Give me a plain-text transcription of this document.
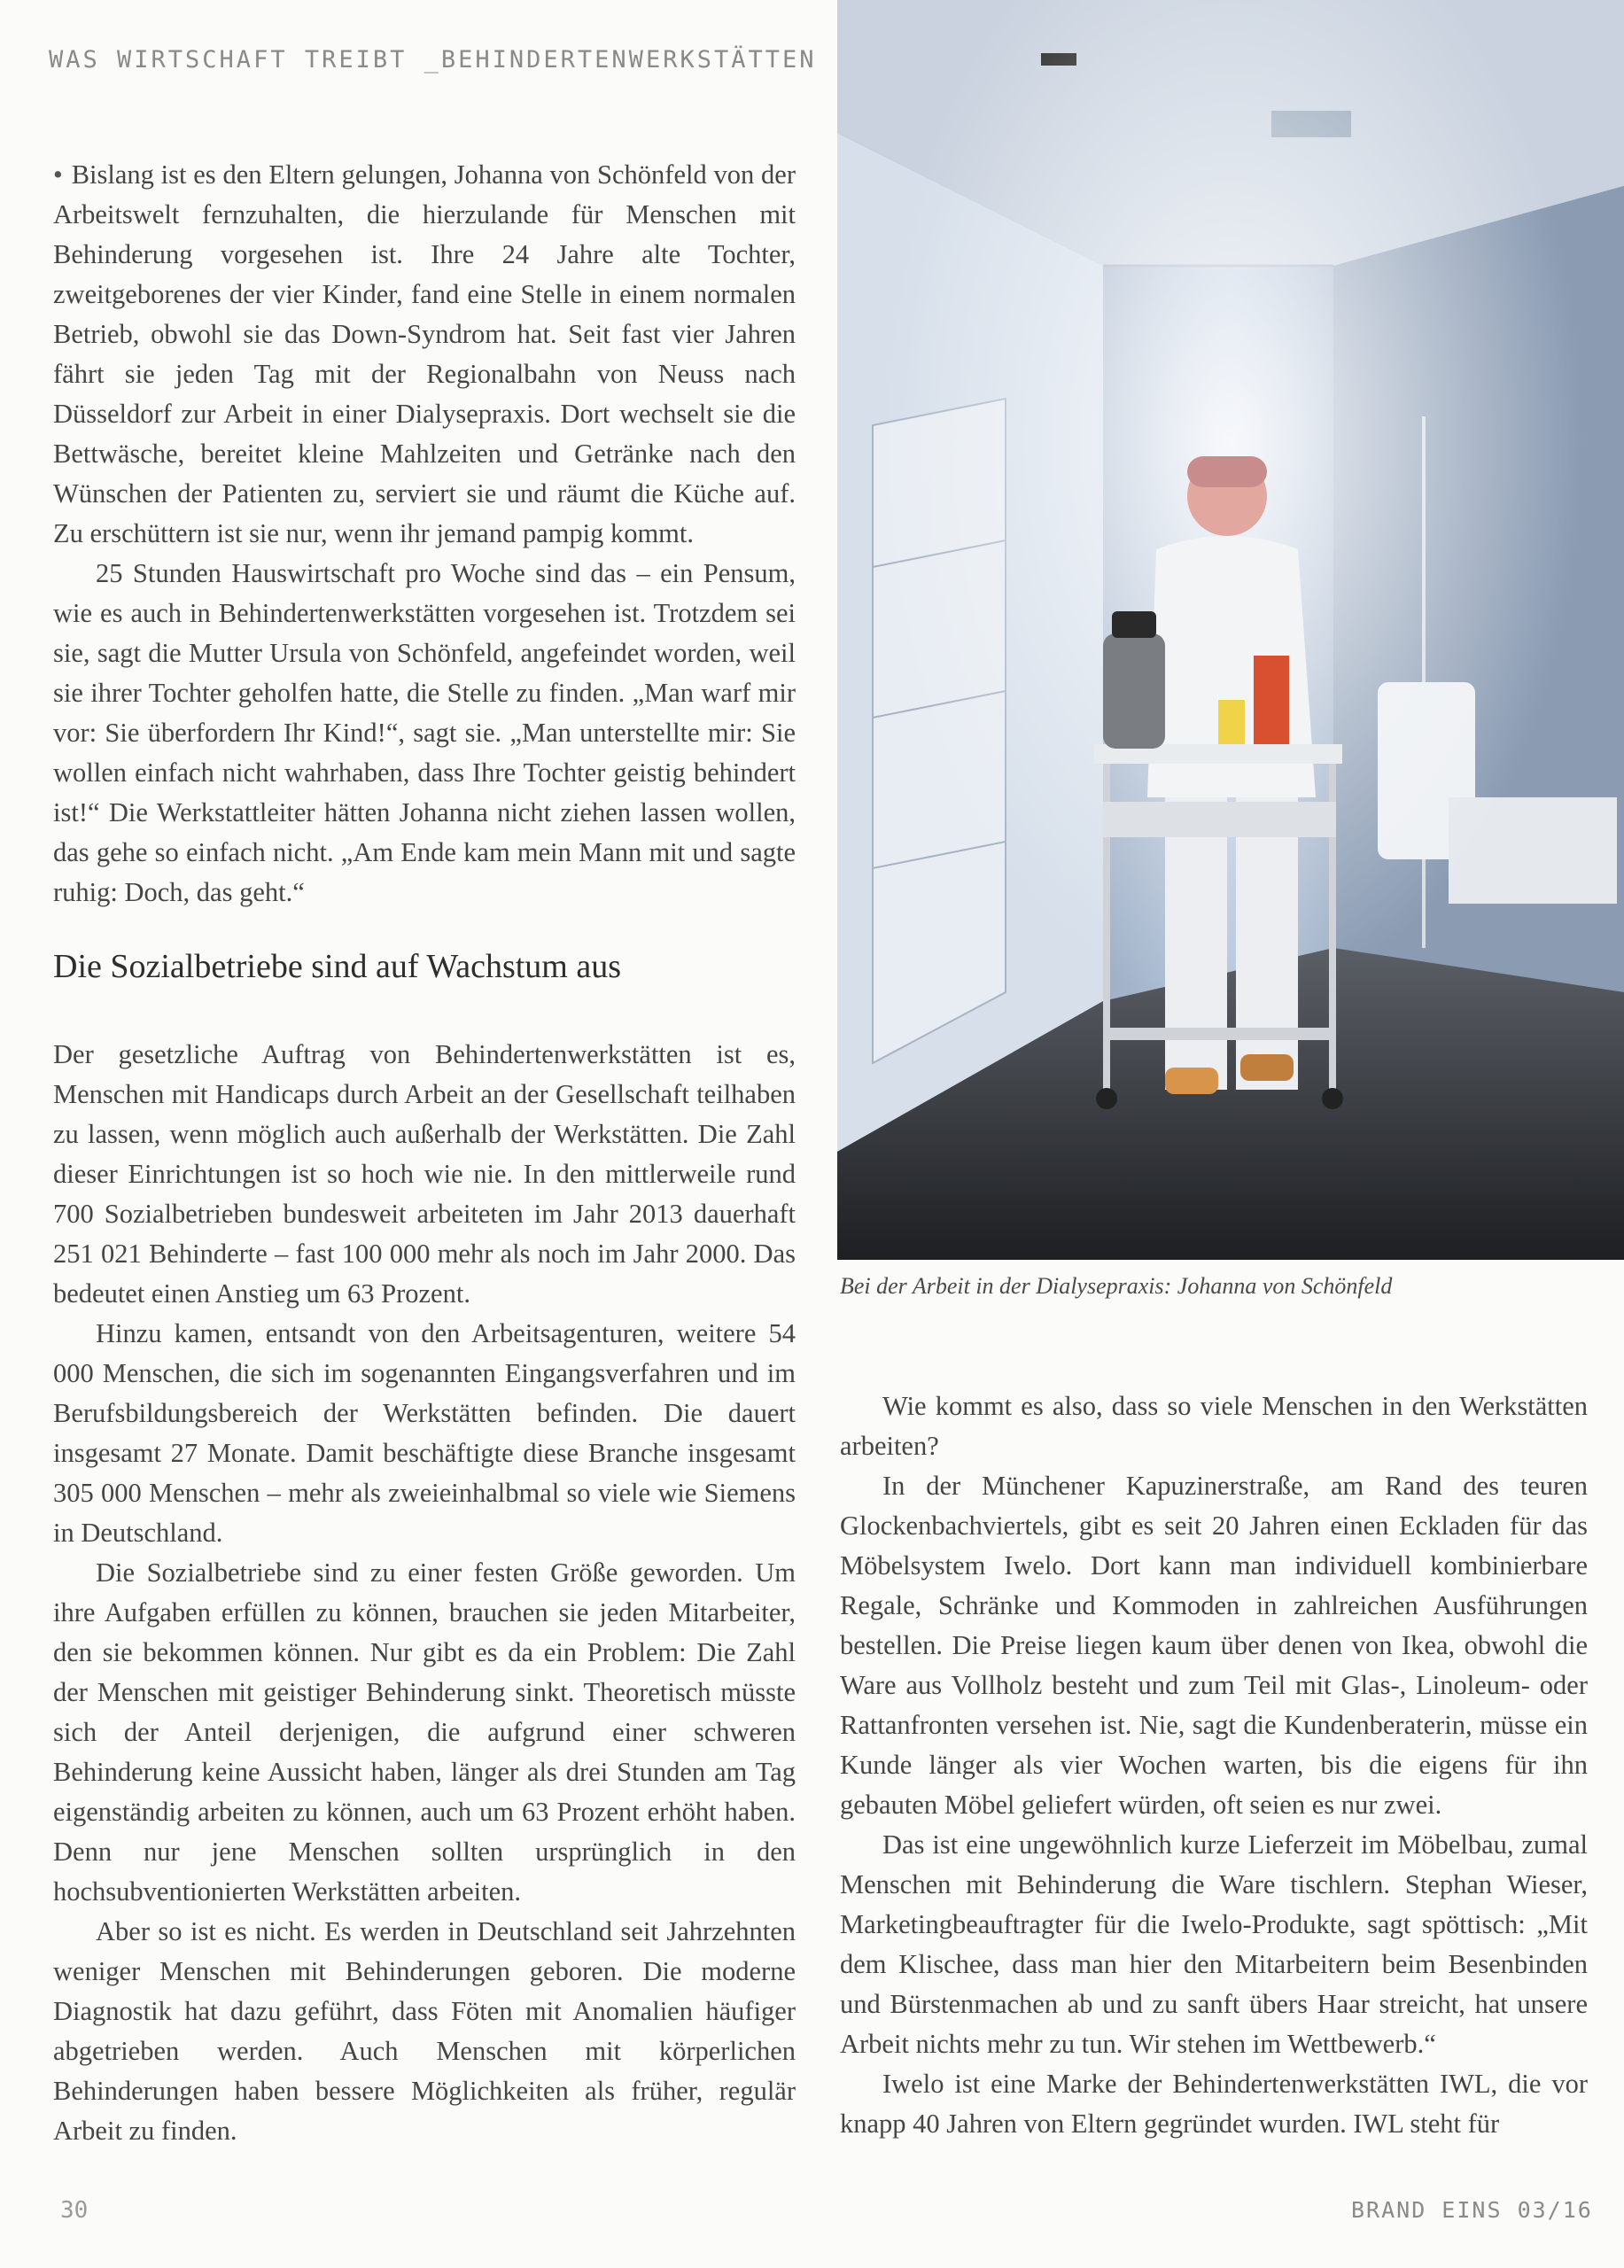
WAS WIRTSCHAFT TREIBT _BEHINDERTENWERKSTÄTTEN

• Bislang ist es den Eltern gelungen, Johanna von Schönfeld von der Arbeitswelt fernzuhalten, die hierzulande für Menschen mit Behinderung vorgesehen ist. Ihre 24 Jahre alte Tochter, zweitgeborenes der vier Kinder, fand eine Stelle in einem normalen Betrieb, obwohl sie das Down-Syndrom hat. Seit fast vier Jahren fährt sie jeden Tag mit der Regionalbahn von Neuss nach Düsseldorf zur Arbeit in einer Dialysepraxis. Dort wechselt sie die Bettwäsche, bereitet kleine Mahlzeiten und Getränke nach den Wünschen der Patienten zu, serviert sie und räumt die Küche auf. Zu erschüttern ist sie nur, wenn ihr jemand pampig kommt.

25 Stunden Hauswirtschaft pro Woche sind das – ein Pensum, wie es auch in Behindertenwerkstätten vorgesehen ist. Trotzdem sei sie, sagt die Mutter Ursula von Schönfeld, angefeindet worden, weil sie ihrer Tochter geholfen hatte, die Stelle zu finden. „Man warf mir vor: Sie überfordern Ihr Kind!“, sagt sie. „Man unterstellte mir: Sie wollen einfach nicht wahrhaben, dass Ihre Tochter geistig behindert ist!“ Die Werkstattleiter hätten Johanna nicht ziehen lassen wollen, das gehe so einfach nicht. „Am Ende kam mein Mann mit und sagte ruhig: Doch, das geht.“

Die Sozialbetriebe sind auf Wachstum aus

Der gesetzliche Auftrag von Behindertenwerkstätten ist es, Menschen mit Handicaps durch Arbeit an der Gesellschaft teilhaben zu lassen, wenn möglich auch außerhalb der Werkstätten. Die Zahl dieser Einrichtungen ist so hoch wie nie. In den mittlerweile rund 700 Sozialbetrieben bundesweit arbeiteten im Jahr 2013 dauerhaft 251 021 Behinderte – fast 100 000 mehr als noch im Jahr 2000. Das bedeutet einen Anstieg um 63 Prozent.

Hinzu kamen, entsandt von den Arbeitsagenturen, weitere 54 000 Menschen, die sich im sogenannten Eingangsverfahren und im Berufsbildungsbereich der Werkstätten befinden. Die dauert insgesamt 27 Monate. Damit beschäftigte diese Branche insgesamt 305 000 Menschen – mehr als zweieinhalbmal so viele wie Siemens in Deutschland.

Die Sozialbetriebe sind zu einer festen Größe geworden. Um ihre Aufgaben erfüllen zu können, brauchen sie jeden Mitarbeiter, den sie bekommen können. Nur gibt es da ein Problem: Die Zahl der Menschen mit geistiger Behinderung sinkt. Theoretisch müsste sich der Anteil derjenigen, die aufgrund einer schweren Behinderung keine Aussicht haben, länger als drei Stunden am Tag eigenständig arbeiten zu können, auch um 63 Prozent erhöht haben. Denn nur jene Menschen sollten ursprünglich in den hochsubventionierten Werkstätten arbeiten.

Aber so ist es nicht. Es werden in Deutschland seit Jahrzehnten weniger Menschen mit Behinderungen geboren. Die moderne Diagnostik hat dazu geführt, dass Föten mit Anomalien häufiger abgetrieben werden. Auch Menschen mit körperlichen Behinderungen haben bessere Möglichkeiten als früher, regulär Arbeit zu finden.

Bei der Arbeit in der Dialysepraxis: Johanna von Schönfeld

Wie kommt es also, dass so viele Menschen in den Werkstätten arbeiten?

In der Münchener Kapuzinerstraße, am Rand des teuren Glockenbachviertels, gibt es seit 20 Jahren einen Eckladen für das Möbelsystem Iwelo. Dort kann man individuell kombinierbare Regale, Schränke und Kommoden in zahlreichen Ausführungen bestellen. Die Preise liegen kaum über denen von Ikea, obwohl die Ware aus Vollholz besteht und zum Teil mit Glas-, Linoleum- oder Rattanfronten versehen ist. Nie, sagt die Kundenberaterin, müsse ein Kunde länger als vier Wochen warten, bis die eigens für ihn gebauten Möbel geliefert würden, oft seien es nur zwei.

Das ist eine ungewöhnlich kurze Lieferzeit im Möbelbau, zumal Menschen mit Behinderung die Ware tischlern. Stephan Wieser, Marketingbeauftragter für die Iwelo-Produkte, sagt spöttisch: „Mit dem Klischee, dass man hier den Mitarbeitern beim Besenbinden und Bürstenmachen ab und zu sanft übers Haar streicht, hat unsere Arbeit nichts mehr zu tun. Wir stehen im Wettbewerb.“

Iwelo ist eine Marke der Behindertenwerkstätten IWL, die vor knapp 40 Jahren von Eltern gegründet wurden. IWL steht für

30	BRAND EINS 03/16
